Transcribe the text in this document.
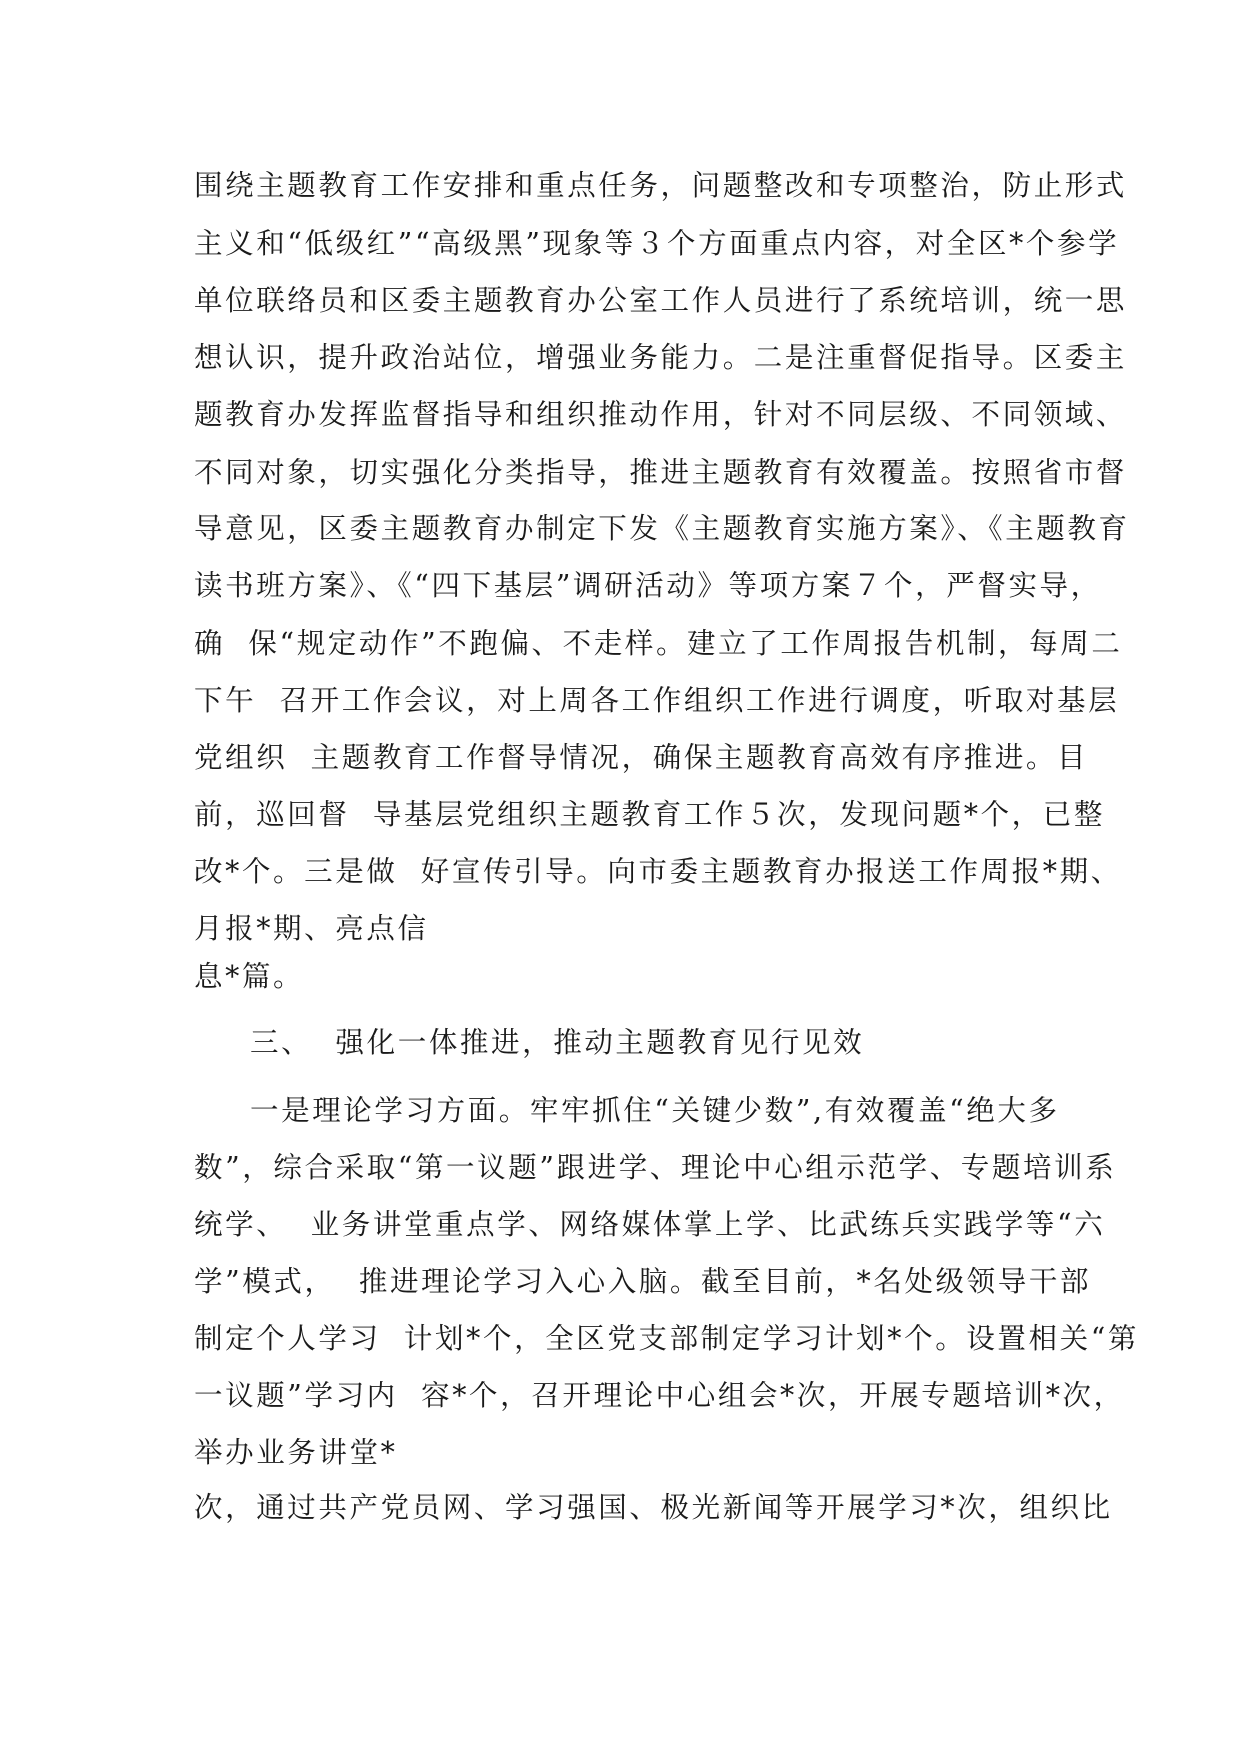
围绕主题教育工作安排和重点任务，问题整改和专项整治，防止形式

主义和“低级红”“高级黑”现象等３个方面重点内容，对全区*个参学

单位联络员和区委主题教育办公室工作人员进行了系统培训，统一思

想认识，提升政治站位，增强业务能力。二是注重督促指导。区委主

题教育办发挥监督指导和组织推动作用，针对不同层级、不同领域、

不同对象，切实强化分类指导，推进主题教育有效覆盖。按照省市督

导意见，区委主题教育办制定下发《主题教育实施方案》、《主题教育

读书班方案》、《“四下基层”调研活动》等项方案７个，严督实导，

确  保“规定动作”不跑偏、不走样。建立了工作周报告机制，每周二

下午  召开工作会议，对上周各工作组织工作进行调度，听取对基层

党组织  主题教育工作督导情况，确保主题教育高效有序推进。目

前，巡回督  导基层党组织主题教育工作５次，发现问题*个，已整

改*个。三是做  好宣传引导。向市委主题教育办报送工作周报*期、

月报*期、亮点信

息*篇。

三、  强化一体推进，推动主题教育见行见效

一是理论学习方面。牢牢抓住“关键少数”,有效覆盖“绝大多

数”，综合采取“第一议题”跟进学、理论中心组示范学、专题培训系

统学、  业务讲堂重点学、网络媒体掌上学、比武练兵实践学等“六

学”模式，  推进理论学习入心入脑。截至目前，*名处级领导干部

制定个人学习  计划*个，全区党支部制定学习计划*个。设置相关“第

一议题”学习内  容*个，召开理论中心组会*次，开展专题培训*次，

举办业务讲堂*

次，通过共产党员网、学习强国、极光新闻等开展学习*次，组织比
